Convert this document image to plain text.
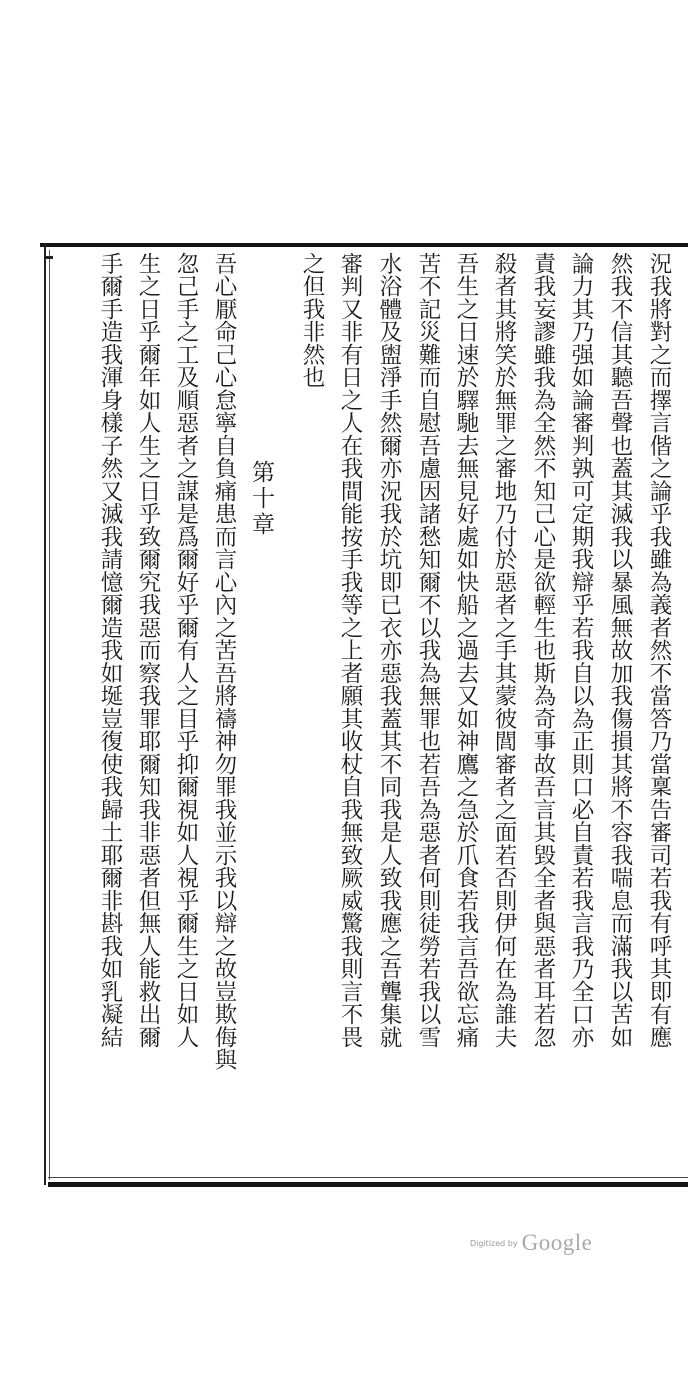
況我將對之而擇言偕之論乎我雖為義者然不當答乃當稟告審司若我有呼其即有應
然我不信其聽吾聲也蓋其滅我以暴風無故加我傷損其將不容我喘息而滿我以苦如
論力其乃强如論審判孰可定期我辯乎若我自以為正則口必自責若我言我乃全口亦
責我妄謬雖我為全然不知己心是欲輕生也斯為奇事故吾言其毀全者與惡者耳若忽
殺者其將笑於無罪之審地乃付於惡者之手其蒙彼閭審者之面若否則伊何在為誰夫
吾生之日速於驛馳去無見好處如快船之過去又如神鷹之急於爪食若我言吾欲忘痛
苦不記災難而自慰吾慮因諸愁知爾不以我為無罪也若吾為惡者何則徒勞若我以雪
水浴體及盥淨手然爾亦況我於坑即已衣亦惡我蓋其不同我是人致我應之吾聾集就
審判又非有日之人在我間能按手我等之上者願其收杖自我無致厥威驚我則言不畏
之但我非然也
第十章
吾心厭命己心怠寧自負痛患而言心內之苦吾將禱神勿罪我並示我以辯之故豈欺侮與
忽己手之工及順惡者之謀是爲爾好乎爾有人之目乎抑爾視如人視乎爾生之日如人
生之日乎爾年如人生之日乎致爾究我惡而察我罪耶爾知我非惡者但無人能救出爾
手爾手造我渾身樣子然又滅我請憶爾造我如埏豈復使我歸土耶爾非斟我如乳凝結
Digitized by Google
